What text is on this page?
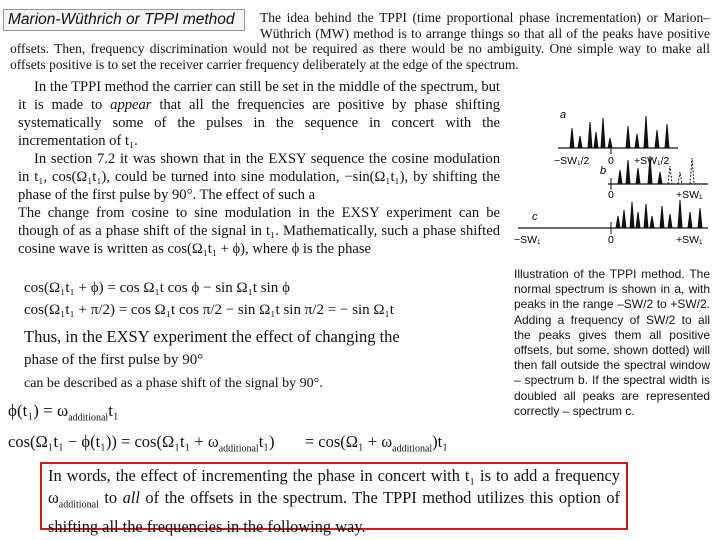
Marion-Wüthrich or TPPI method	The idea behind the TPPI (time proportional phase incrementation) or Marion–Wüthrich (MW) method is to arrange things so that all of the peaks have positive offsets. Then, frequency discrimination would not be required as there would be no ambiguity. One simple way to make all offsets positive is to set the receiver carrier frequency deliberately at the edge of the spectrum.

In the TPPI method the carrier can still be set in the middle of the spectrum, but it is made to appear that all the frequencies are positive by phase shifting systematically some of the pulses in the sequence in concert with the incrementation of t₁.

In section 7.2 it was shown that in the EXSY sequence the cosine modulation in t₁, cos(Ω₁t₁), could be turned into sine modulation, −sin(Ω₁t₁), by shifting the phase of the first pulse by 90°. The effect of such a

The change from cosine to sine modulation in the EXSY experiment can be though of as a phase shift of the signal in t₁. Mathematically, such a phase shifted cosine wave is written as cos(Ω₁t₁ + ϕ), where ϕ is the phase

cos(Ω₁t₁ + ϕ) = cos Ω₁t cos ϕ − sin Ω₁t sin ϕ
cos(Ω₁t₁ + π/2) = cos Ω₁t cos π/2 − sin Ω₁t sin π/2 = − sin Ω₁t
Thus, in the EXSY experiment the effect of changing the
phase of the first pulse by 90°
can be described as a phase shift of the signal by 90°.
$\phi(t_1) = \omega_{additional}t_1$
$\cos(\Omega_1t_1 - \phi(t_1)) = \cos(\Omega_1t_1 + \omega_{additional}t_1) = \cos(\Omega_1 + \omega_{additional})t_1$
a
−SW₁/2 0 +SW₁/2
b
0	+SW₁
c
−SW₁	0	+SW₁

Illustration of the TPPI method. The normal spectrum is shown in a, with peaks in the range –SW/2 to +SW/2. Adding a frequency of SW/2 to all the peaks gives them all positive offsets, but some, shown dotted) will then fall outside the spectral window – spectrum b. If the spectral width is doubled all peaks are represented correctly – spectrum c.

In words, the effect of incrementing the phase in concert with t₁ is to add a frequency $\omega_{additional}$ to all of the offsets in the spectrum. The TPPI method utilizes this option of shifting all the frequencies in the following way.
